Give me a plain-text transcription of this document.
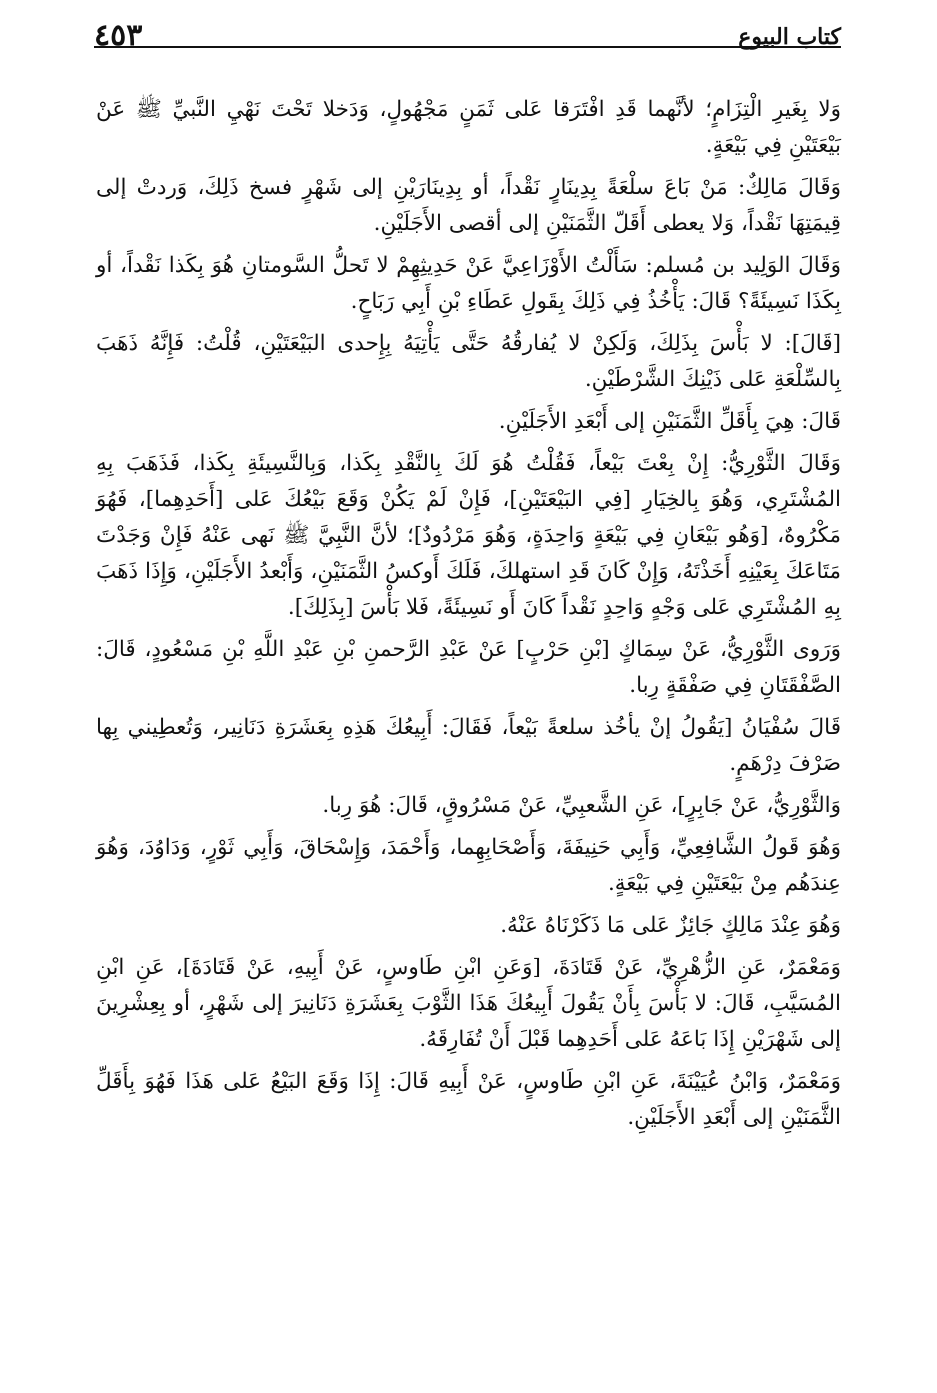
كتاب البيوع
٤٥٣

وَلا بِغَيرِ الْتِزَامٍ؛ لأنَّهما قَدِ افْتَرَقا عَلى ثَمَنٍ مَجْهُولٍ، وَدَخلا تَحْتَ نَهْيِ النَّبيِّ ﷺ عَنْ بَيْعَتَيْنِ فِي بَيْعَةٍ.

وَقَالَ مَالِكٌ: مَنْ بَاعَ سلْعَةً بِدِينَارٍ نَقْداً، أو بِدِينَارَيْنِ إلى شَهْرٍ فسخ ذَلِكَ، وَردتْ إلى قِيمَتِهَا نَقْداً، وَلا يعطى أَقَلّ الثَّمَنَيْنِ إلى أقصى الأَجَلَيْنِ.

وَقَالَ الوَلِيد بن مُسلم: سَأَلْتُ الأَوْزَاعِيَّ عَنْ حَدِيثِهِمْ لا تَحلُّ السَّومتانِ هُوَ بِكَذا نَقْداً، أو بِكَذَا نَسِيئَةً؟ قَالَ: يَأْخُذُ فِي ذَلِكَ بِقَولِ عَطَاءِ بْنِ أَبِي رَبَاحٍ.

[قَالَ]: لا بَأْسَ بِذَلِكَ، وَلَكِنْ لا يُفارقُهُ حَتَّى يَأْتِيَهُ بِإِحدى البَيْعَتَيْنِ، قُلْتُ: فَإِنَّهُ ذَهَبَ بِالسِّلْعَةِ عَلى ذَيْنِكَ الشَّرْطَيْنِ.

قَالَ: هِيَ بِأَقَلِّ الثَّمَنَيْنِ إلى أَبْعَدِ الأَجَلَيْنِ.

وَقَالَ الثَّوْرِيُّ: إِنْ بِعْتَ بَيْعاً، فَقُلْتُ هُوَ لَكَ بِالنَّقْدِ بِكَذا، وَبِالنَّسِيئَةِ بِكَذا، فَذَهَبَ بِهِ المُشْتَرِي، وَهُوَ بِالخِيَارِ [فِي البَيْعَتَيْنِ]، فَإِنْ لَمْ يَكُنْ وَقَعَ بَيْعُكَ عَلى [أَحَدِهِما]، فَهُوَ مَكْرُوهٌ، [وَهُو بَيْعَانِ فِي بَيْعَةٍ وَاحِدَةٍ، وَهُوَ مَرْدُودٌ]؛ لأنَّ النَّبِيَّ ﷺ نَهى عَنْهُ فَإِنْ وَجَدْتَ مَتَاعَكَ بِعَيْنِهِ أَخَذْتَهُ، وَإِنْ كَانَ قَدِ استهلكَ، فَلَكَ أَوكسُ الثَّمَنَيْنِ، وَأَبْعدُ الأَجَلَيْنِ، وَإِذَا ذَهَبَ بِهِ المُشْتَرِي عَلى وَجْهٍ وَاحِدٍ نَقْداً كَانَ أَو نَسِيئَةً، فَلا بَأْسَ [بِذَلِكَ].

وَرَوى الثَّوْرِيُّ، عَنْ سِمَاكٍ [بْنِ حَرْبٍ] عَنْ عَبْدِ الرَّحمنِ بْنِ عَبْدِ اللَّهِ بْنِ مَسْعُودٍ، قَالَ: الصَّفْقَتَانِ فِي صَفْقَةٍ رِبا.

قَالَ سُفْيَانُ [يَقُولُ إنْ يأخُذ سلعةً بَيْعاً، فَقَالَ: أَبِيعُكَ هَذِهِ بِعَشَرَةِ دَنَانِير، وَتُعطِيني بِها صَرْفَ دِرْهَمٍ.

وَالثَّوْرِيُّ، عَنْ جَابِرٍ]، عَنِ الشَّعبِيِّ، عَنْ مَسْرُوقٍ، قَالَ: هُوَ رِبا.

وَهُوَ قَولُ الشَّافِعِيِّ، وَأَبِي حَنِيفَةَ، وَأَصْحَابِهِما، وَأَحْمَدَ، وَإِسْحَاقَ، وَأَبِي ثَوْرٍ، وَدَاوُدَ، وَهُوَ عِندَهُم مِنْ بَيْعَتَيْنِ فِي بَيْعَةٍ.

وَهُوَ عِنْدَ مَالِكٍ جَائِزٌ عَلى مَا ذَكَرْنَاهُ عَنْهُ.

وَمَعْمَرٌ، عَنِ الزُّهْرِيِّ، عَنْ قَتَادَةَ، [وَعَنِ ابْنِ طَاوسٍ، عَنْ أَبِيهِ، عَنْ قَتَادَةَ]، عَنِ ابْنِ المُسَيَّبِ، قَالَ: لا بَأْسَ بِأَنْ يَقُولَ أَبِيعُكَ هَذَا الثَّوْبَ بِعَشَرَةِ دَنَانِيرَ إلى شَهْرٍ، أو بِعِشْرِينَ إلى شَهْرَيْنِ إِذَا بَاعَهُ عَلى أَحَدِهِما قَبْلَ أَنْ تُفَارِقَهُ.

وَمَعْمَرٌ، وَابْنُ عُيَيْنَةَ، عَنِ ابْنِ طَاوسٍ، عَنْ أَبِيهِ قَالَ: إِذَا وَقَعَ البَيْعُ عَلى هَذَا فَهُوَ بِأَقَلِّ الثَّمَنَيْنِ إلى أَبْعَدِ الأَجَلَيْنِ.
